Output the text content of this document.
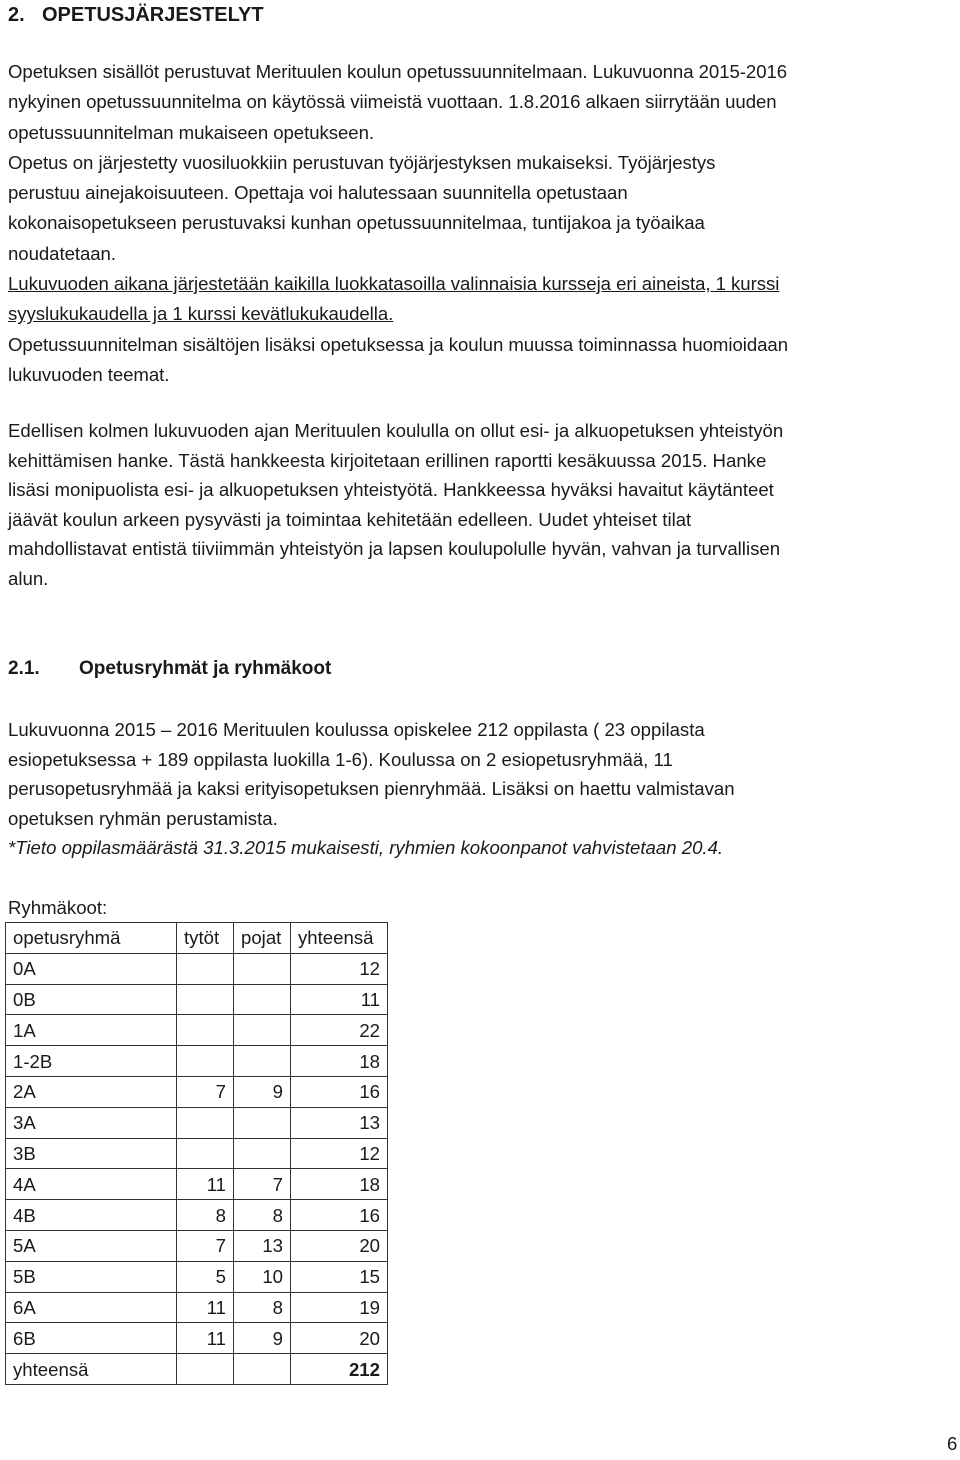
2. OPETUSJÄRJESTELYT
Opetuksen sisällöt perustuvat Merituulen koulun opetussuunnitelmaan. Lukuvuonna 2015-2016
nykyinen opetussuunnitelma on käytössä viimeistä vuottaan. 1.8.2016 alkaen siirrytään uuden
opetussuunnitelman mukaiseen opetukseen.
Opetus on järjestetty vuosiluokkiin perustuvan työjärjestyksen mukaiseksi. Työjärjestys
perustuu ainejakoisuuteen. Opettaja voi halutessaan suunnitella opetustaan
kokonaisopetukseen perustuvaksi kunhan opetussuunnitelmaa, tuntijakoa ja työaikaa
noudatetaan.
Lukuvuoden aikana järjestetään kaikilla luokkatasoilla valinnaisia kursseja eri aineista, 1 kurssi
syyslukukaudella ja 1 kurssi kevätlukukaudella.
Opetussuunnitelman sisältöjen lisäksi opetuksessa ja koulun muussa toiminnassa huomioidaan
lukuvuoden teemat.
Edellisen kolmen lukuvuoden ajan Merituulen koululla on ollut esi- ja alkuopetuksen yhteistyön
kehittämisen hanke. Tästä hankkeesta kirjoitetaan erillinen raportti kesäkuussa 2015. Hanke
lisäsi monipuolista esi- ja alkuopetuksen yhteistyötä. Hankkeessa hyväksi havaitut käytänteet
jäävät koulun arkeen pysyvästi ja toimintaa kehitetään edelleen. Uudet yhteiset tilat
mahdollistavat entistä tiiviimmän yhteistyön ja lapsen koulupolulle hyvän, vahvan ja turvallisen
alun.
2.1. Opetusryhmät ja ryhmäkoot
Lukuvuonna 2015 – 2016 Merituulen koulussa opiskelee 212 oppilasta ( 23 oppilasta
esiopetuksessa + 189 oppilasta luokilla 1-6). Koulussa on 2 esiopetusryhmää, 11
perusopetusryhmää ja kaksi erityisopetuksen pienryhmää. Lisäksi on haettu valmistavan
opetuksen ryhmän perustamista.
*Tieto oppilasmäärästä 31.3.2015 mukaisesti, ryhmien kokoonpanot vahvistetaan 20.4.
Ryhmäkoot:
opetusryhmä	tytöt	pojat	yhteensä
0A			12
0B			11
1A			22
1-2B			18
2A	7	9	16
3A			13
3B			12
4A	11	7	18
4B	8	8	16
5A	7	13	20
5B	5	10	15
6A	11	8	19
6B	11	9	20
yhteensä			212
6
